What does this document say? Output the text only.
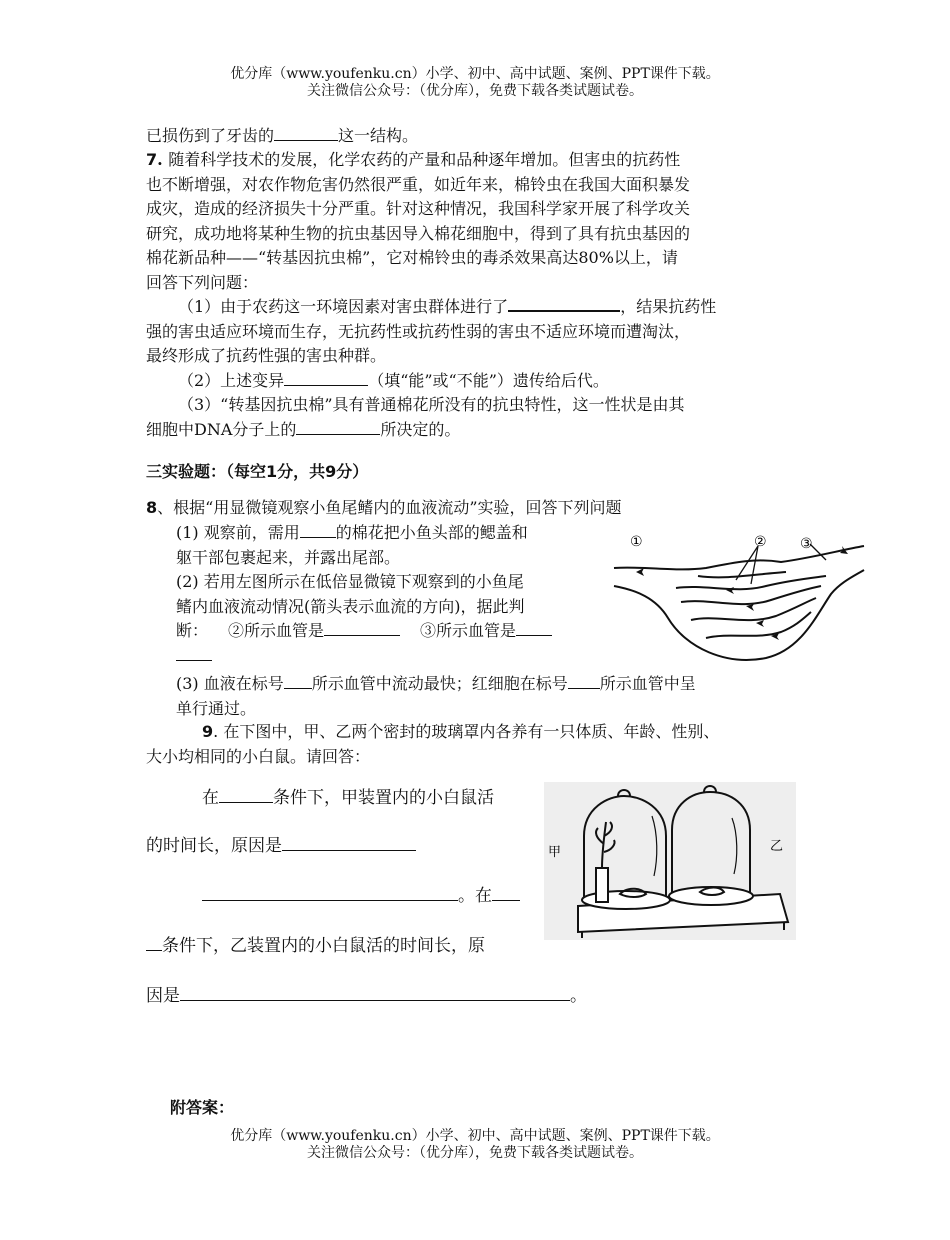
优分库（www.youfenku.cn）小学、初中、高中试题、案例、PPT课件下载。
关注微信公众号：（优分库），免费下载各类试题试卷。

已损伤到了牙齿的	这一结构。

7. 随着科学技术的发展，化学农药的产量和品种逐年增加。但害虫的抗药性
也不断增强，对农作物危害仍然很严重，如近年来，棉铃虫在我国大面积暴发
成灾，造成的经济损失十分严重。针对这种情况，我国科学家开展了科学攻关
研究，成功地将某种生物的抗虫基因导入棉花细胞中，得到了具有抗虫基因的
棉花新品种——“转基因抗虫棉”，它对棉铃虫的毒杀效果高达80%以上，请
回答下列问题：
（1）由于农药这一环境因素对害虫群体进行了	，结果抗药性
强的害虫适应环境而生存，无抗药性或抗药性弱的害虫不适应环境而遭淘汰，
最终形成了抗药性强的害虫种群。
（2）上述变异	（填“能”或“不能”）遗传给后代。
（3）“转基因抗虫棉”具有普通棉花所没有的抗虫特性，这一性状是由其
细胞中DNA分子上的	所决定的。
三实验题：（每空1分，共9分）
8、根据“用显微镜观察小鱼尾鳍内的血液流动”实验，回答下列问题
(1) 观察前，需用 的棉花把小鱼头部的鳃盖和
躯干部包裹起来，并露出尾部。
(2) 若用左图所示在低倍显微镜下观察到的小鱼尾
鳍内血液流动情况(箭头表示血流的方向)，据此判
断： ②所示血管是	③所示血管是
(3) 血液在标号 所示血管中流动最快；红细胞在标号 所示血管中呈
单行通过。
①	② ③
9. 在下图中，甲、乙两个密封的玻璃罩内各养有一只体质、年龄、性别、
大小均相同的小白鼠。请回答：
在	条件下，甲装置内的小白鼠活
的时间长，原因是
。在
条件下，乙装置内的小白鼠活的时间长，原
因是	。
甲	乙
附答案：
优分库（www.youfenku.cn）小学、初中、高中试题、案例、PPT课件下载。
关注微信公众号：（优分库），免费下载各类试题试卷。
